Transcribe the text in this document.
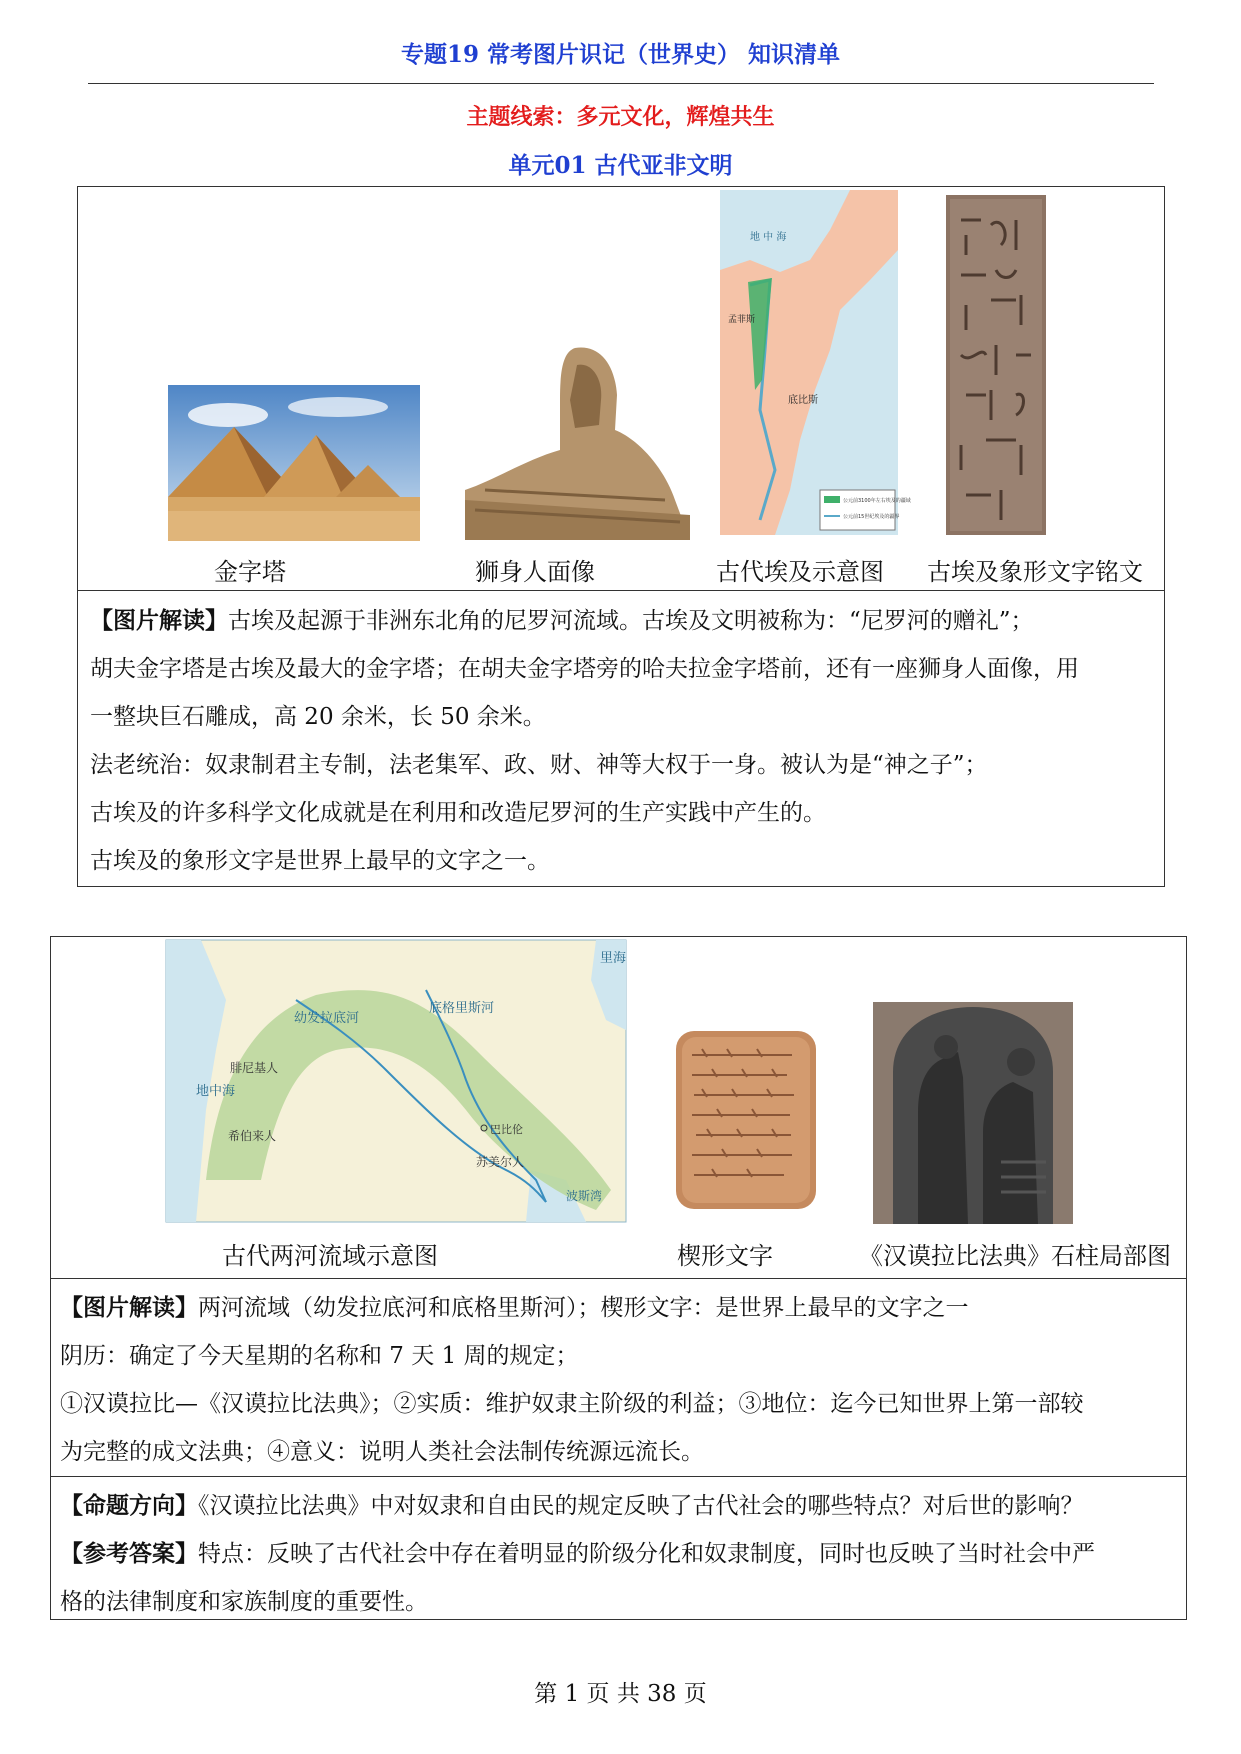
专题19 常考图片识记（世界史） 知识清单
主题线索：多元文化，辉煌共生
单元01 古代亚非文明
地 中 海
孟菲斯
底比斯
公元前3100年左右埃及的疆域
公元前15世纪埃及的疆界
金字塔	狮身人面像	古代埃及示意图	古埃及象形文字铭文
【图片解读】古埃及起源于非洲东北角的尼罗河流域。古埃及文明被称为：“尼罗河的赠礼”；
胡夫金字塔是古埃及最大的金字塔；在胡夫金字塔旁的哈夫拉金字塔前，还有一座狮身人面像，用
一整块巨石雕成，高 20 余米，长 50 余米。
法老统治：奴隶制君主专制，法老集军、政、财、神等大权于一身。被认为是“神之子”；
古埃及的许多科学文化成就是在利用和改造尼罗河的生产实践中产生的。
古埃及的象形文字是世界上最早的文字之一。
里海
地中海
幼发拉底河
底格里斯河
腓尼基人
希伯来人	巴比伦
苏美尔人
波斯湾
古代两河流域示意图	楔形文字	《汉谟拉比法典》石柱局部图
【图片解读】两河流域（幼发拉底河和底格里斯河）；楔形文字：是世界上最早的文字之一
阴历：确定了今天星期的名称和 7 天 1 周的规定；
①汉谟拉比—《汉谟拉比法典》；②实质：维护奴隶主阶级的利益；③地位：迄今已知世界上第一部较
为完整的成文法典；④意义：说明人类社会法制传统源远流长。
【命题方向】《汉谟拉比法典》中对奴隶和自由民的规定反映了古代社会的哪些特点？对后世的影响？
【参考答案】特点：反映了古代社会中存在着明显的阶级分化和奴隶制度，同时也反映了当时社会中严
格的法律制度和家族制度的重要性。
第 1 页 共 38 页
